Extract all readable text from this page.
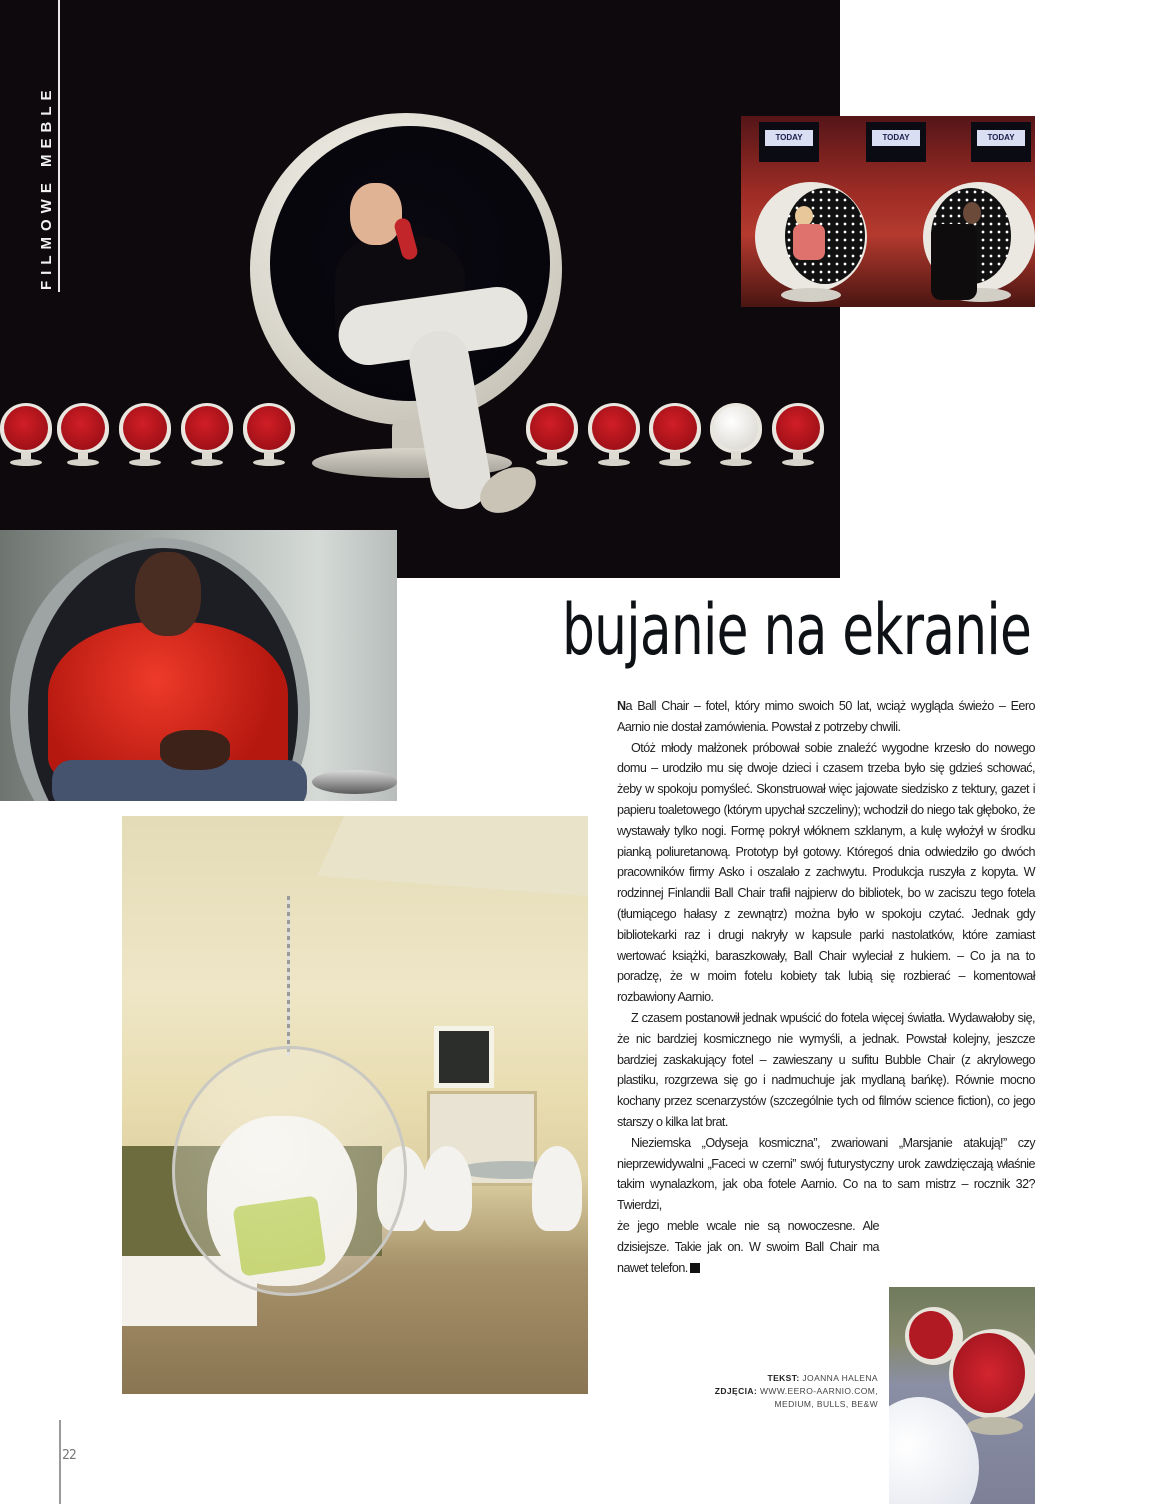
FILMOWE MEBLE	TODAY	TODAY	TODAY
bujanie na ekranie

Na Ball Chair – fotel, który mimo swoich 50 lat, wciąż wygląda świeżo – Eero Aarnio nie dostał zamówienia. Powstał z potrzeby chwili.

Otóż młody małżonek próbował sobie znaleźć wygodne krzesło do nowego domu – urodziło mu się dwoje dzieci i czasem trzeba było się gdzieś schować, żeby w spokoju pomyśleć. Skonstruował więc jajowate siedzisko z tektury, gazet i papieru toaletowego (którym upychał szczeliny); wchodził do niego tak głęboko, że wystawały tylko nogi. Formę pokrył włóknem szklanym, a kulę wyłożył w środku pianką poliuretanową. Prototyp był gotowy. Któregoś dnia odwiedziło go dwóch pracowników firmy Asko i oszalało z zachwytu. Produkcja ruszyła z kopyta. W rodzinnej Finlandii Ball Chair trafił najpierw do bibliotek, bo w zaciszu tego fotela (tłumiącego hałasy z zewnątrz) można było w spokoju czytać. Jednak gdy bibliotekarki raz i drugi nakryły w kapsule parki nastolatków, które zamiast wertować książki, baraszkowały, Ball Chair wyleciał z hukiem. – Co ja na to poradzę, że w moim fotelu kobiety tak lubią się rozbierać – komentował rozbawiony Aarnio.

Z czasem postanowił jednak wpuścić do fotela więcej światła. Wydawałoby się, że nic bardziej kosmicznego nie wymyśli, a jednak. Powstał kolejny, jeszcze bardziej zaskakujący fotel – zawieszany u sufitu Bubble Chair (z akrylowego plastiku, rozgrzewa się go i nadmuchuje jak mydlaną bańkę). Równie mocno kochany przez scenarzystów (szczególnie tych od filmów science fiction), co jego starszy o kilka lat brat.

Nieziemska „Odyseja kosmiczna”, zwariowani „Marsjanie atakują!” czy nieprzewidywalni „Faceci w czerni” swój futurystyczny urok zawdzięczają właśnie takim wynalazkom, jak oba fotele Aarnio. Co na to sam mistrz – rocznik 32? Twierdzi,

że jego meble wcale nie są nowoczesne. Ale dzisiejsze. Takie jak on. W swoim Ball Chair ma nawet telefon.
TEKST: JOANNA HALENA
ZDJĘCIA: WWW.EERO-AARNIO.COM,
MEDIUM, BULLS, BE&W
22
